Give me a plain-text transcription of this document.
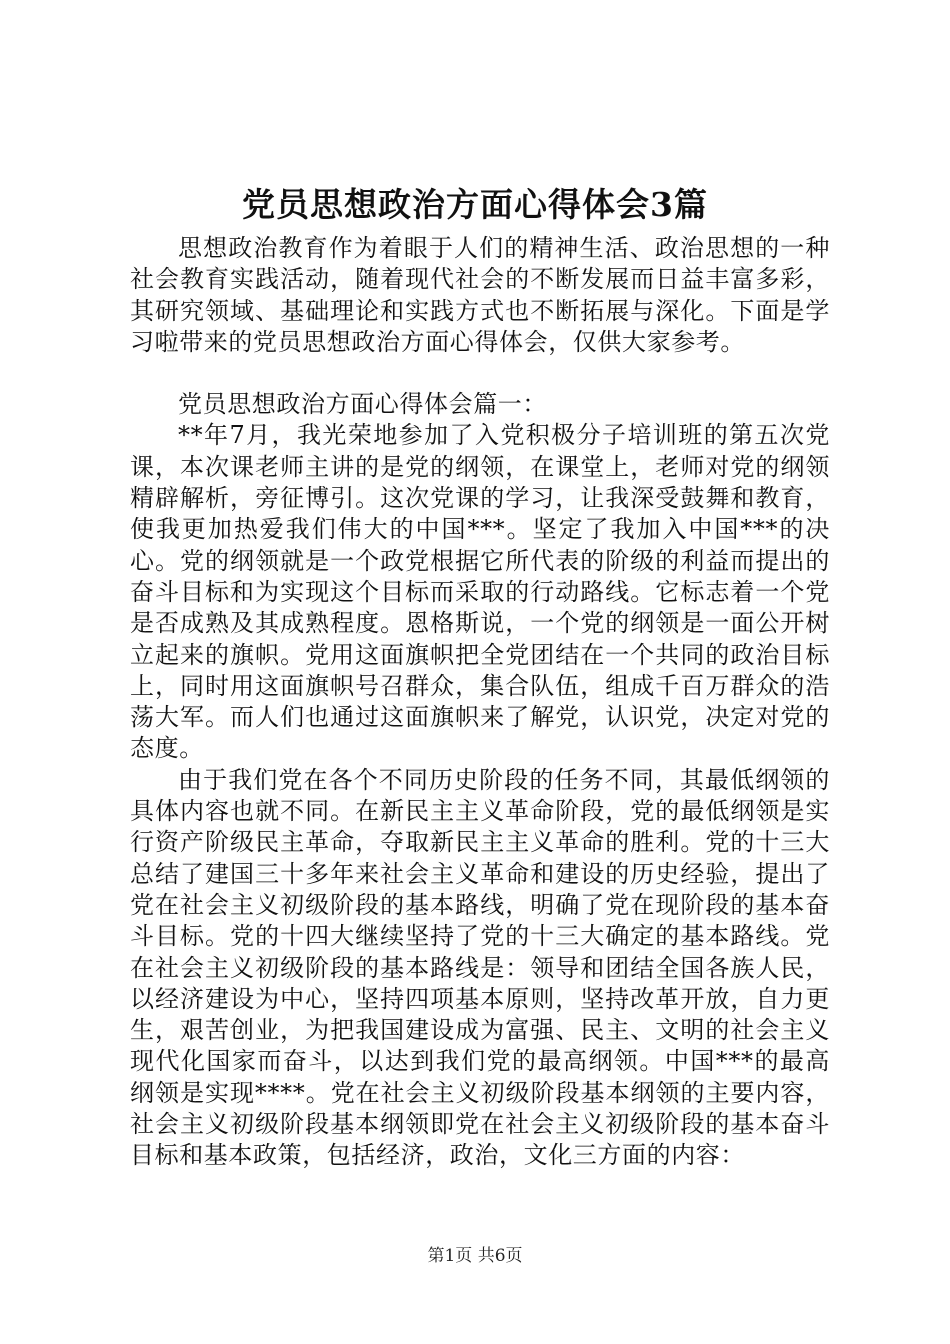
党员思想政治方面心得体会3篇

思想政治教育作为着眼于人们的精神生活、政治思想的一种社会教育实践活动，随着现代社会的不断发展而日益丰富多彩，其研究领域、基础理论和实践方式也不断拓展与深化。下面是学习啦带来的党员思想政治方面心得体会，仅供大家参考。

党员思想政治方面心得体会篇一：

**年7月，我光荣地参加了入党积极分子培训班的第五次党课，本次课老师主讲的是党的纲领，在课堂上，老师对党的纲领精辟解析，旁征博引。这次党课的学习，让我深受鼓舞和教育，使我更加热爱我们伟大的中国***。坚定了我加入中国***的决心。党的纲领就是一个政党根据它所代表的阶级的利益而提出的奋斗目标和为实现这个目标而采取的行动路线。它标志着一个党是否成熟及其成熟程度。恩格斯说，一个党的纲领是一面公开树立起来的旗帜。党用这面旗帜把全党团结在一个共同的政治目标上，同时用这面旗帜号召群众，集合队伍，组成千百万群众的浩荡大军。而人们也通过这面旗帜来了解党，认识党，决定对党的态度。

由于我们党在各个不同历史阶段的任务不同，其最低纲领的具体内容也就不同。在新民主主义革命阶段，党的最低纲领是实行资产阶级民主革命，夺取新民主主义革命的胜利。党的十三大总结了建国三十多年来社会主义革命和建设的历史经验，提出了党在社会主义初级阶段的基本路线，明确了党在现阶段的基本奋斗目标。党的十四大继续坚持了党的十三大确定的基本路线。党在社会主义初级阶段的基本路线是：领导和团结全国各族人民，以经济建设为中心，坚持四项基本原则，坚持改革开放，自力更生，艰苦创业，为把我国建设成为富强、民主、文明的社会主义现代化国家而奋斗，以达到我们党的最高纲领。中国***的最高纲领是实现****。党在社会主义初级阶段基本纲领的主要内容，社会主义初级阶段基本纲领即党在社会主义初级阶段的基本奋斗目标和基本政策，包括经济，政治，文化三方面的内容：

第1页 共6页
